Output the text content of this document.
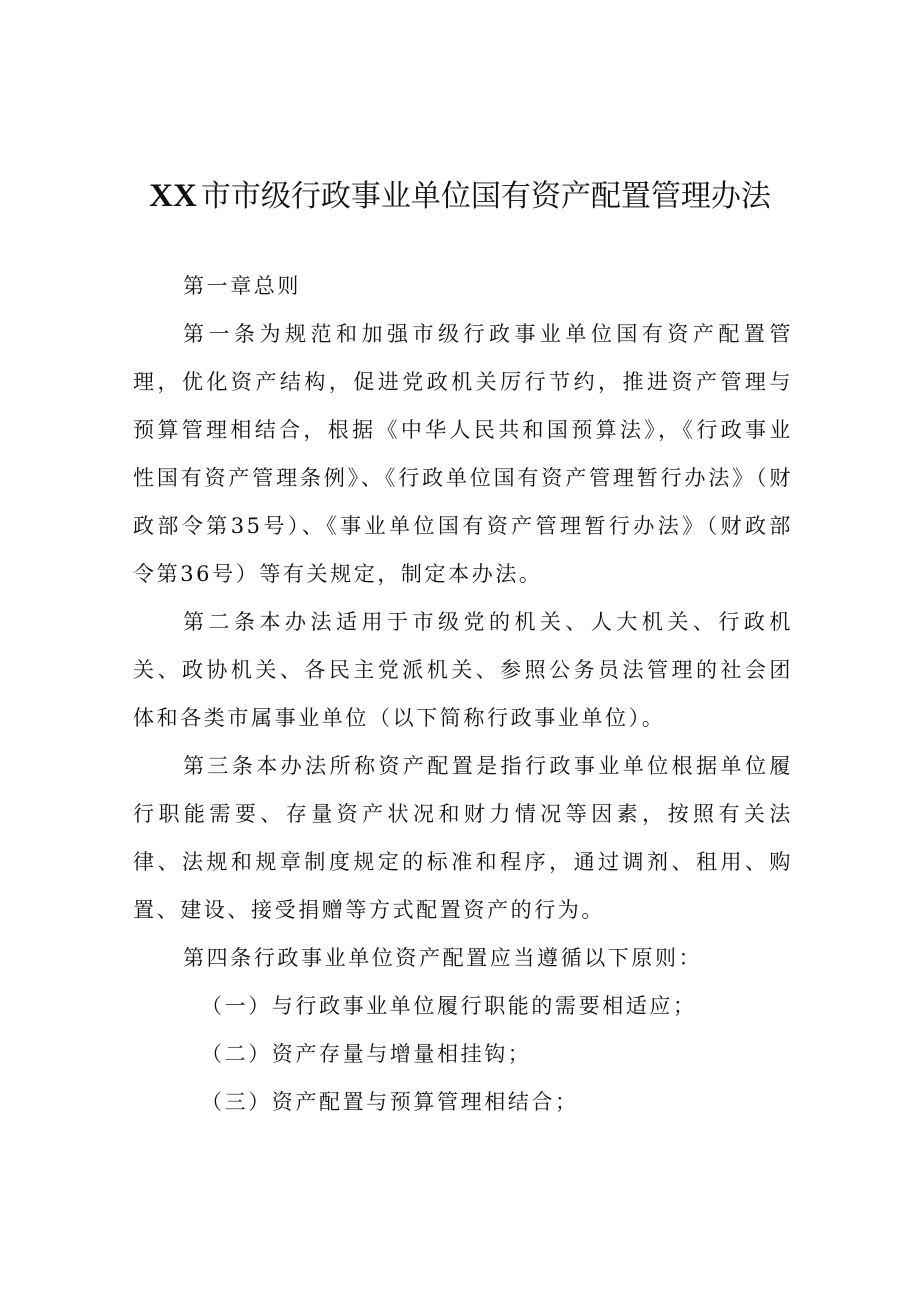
XX 市市级行政事业单位国有资产配置管理办法

第一章总则

第一条为规范和加强市级行政事业单位国有资产配置管理，优化资产结构，促进党政机关厉行节约，推进资产管理与预算管理相结合，根据《中华人民共和国预算法》，《行政事业性国有资产管理条例》、《行政单位国有资产管理暂行办法》（财政部令第35号）、《事业单位国有资产管理暂行办法》（财政部令第36号）等有关规定，制定本办法。

第二条本办法适用于市级党的机关、人大机关、行政机关、政协机关、各民主党派机关、参照公务员法管理的社会团体和各类市属事业单位（以下简称行政事业单位）。

第三条本办法所称资产配置是指行政事业单位根据单位履行职能需要、存量资产状况和财力情况等因素，按照有关法律、法规和规章制度规定的标准和程序，通过调剂、租用、购置、建设、接受捐赠等方式配置资产的行为。

第四条行政事业单位资产配置应当遵循以下原则：

（一）与行政事业单位履行职能的需要相适应；

（二）资产存量与增量相挂钩；

（三）资产配置与预算管理相结合；
